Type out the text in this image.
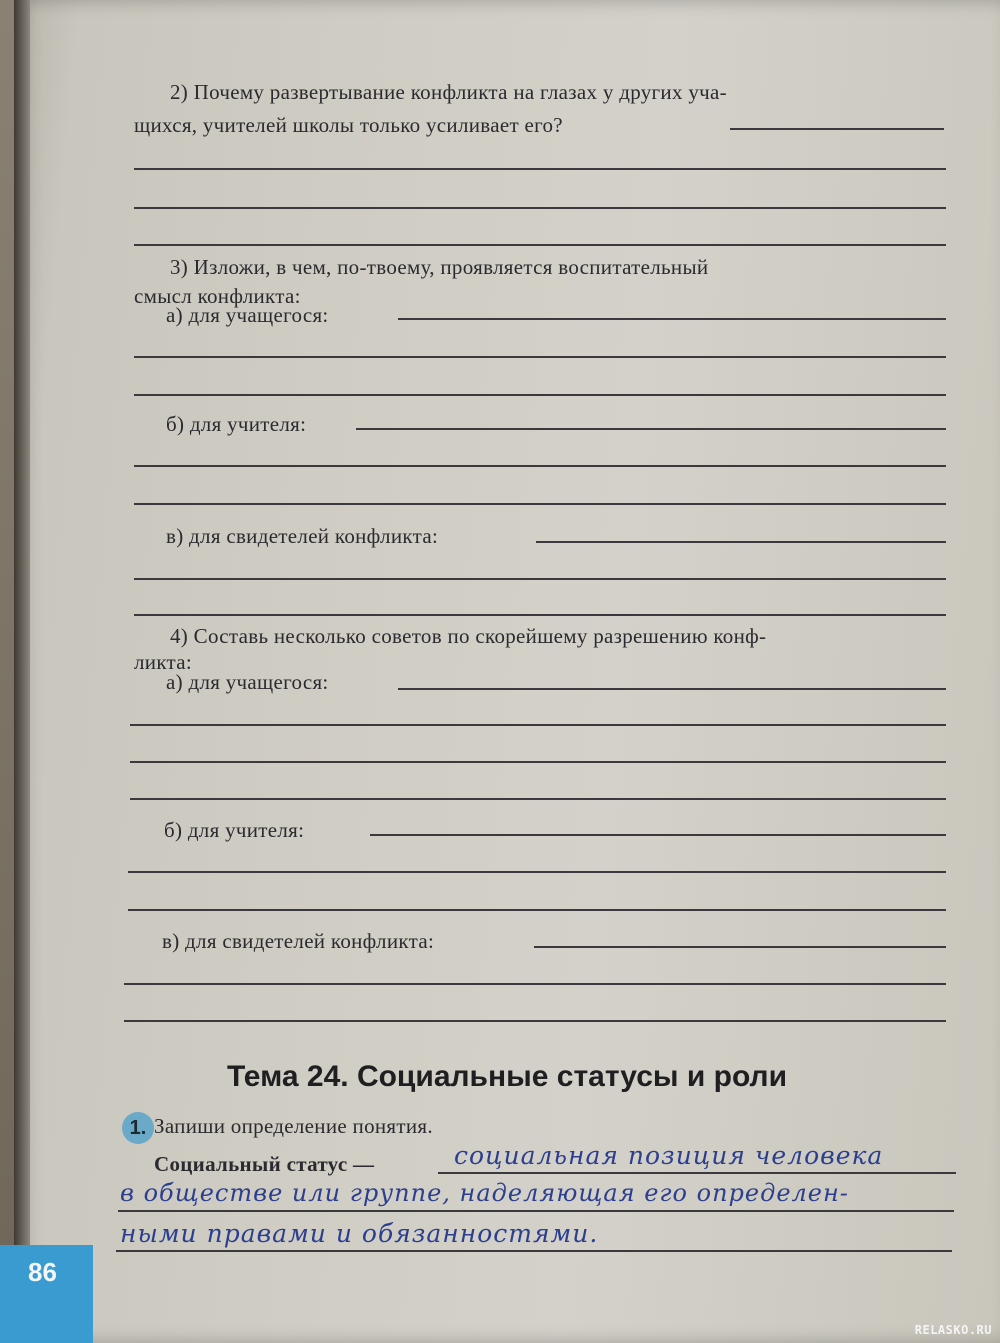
2) Почему развертывание конфликта на глазах у других уча-
щихся, учителей школы только усиливает его?
3) Изложи, в чем, по-твоему, проявляется воспитательный
смысл конфликта:
а) для учащегося:
б) для учителя:
в) для свидетелей конфликта:
4) Составь несколько советов по скорейшему разрешению конф-
ликта:
а) для учащегося:
б) для учителя:
в) для свидетелей конфликта:
Тема 24. Социальные статусы и роли
1. Запиши определение понятия.
Социальный статус —	социальная позиция человека
в обществе или группе, наделяющая его определен-
ными правами и обязанностями.
86
RELASKO.RU
